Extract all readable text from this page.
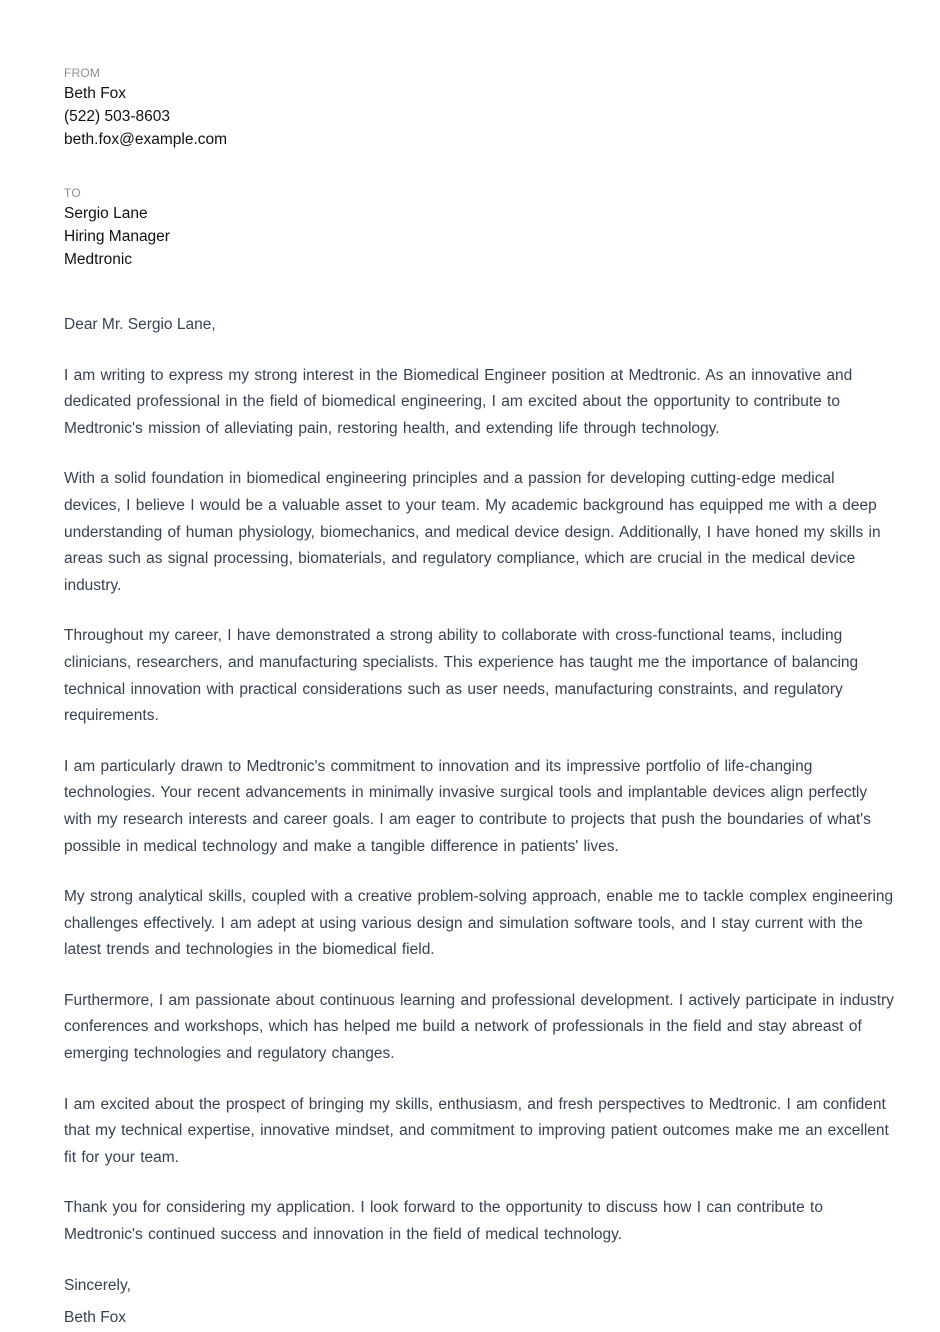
FROM
Beth Fox
(522) 503-8603
beth.fox@example.com
TO
Sergio Lane
Hiring Manager
Medtronic
Dear Mr. Sergio Lane,

I am writing to express my strong interest in the Biomedical Engineer position at Medtronic. As an innovative and dedicated professional in the field of biomedical engineering, I am excited about the opportunity to contribute to Medtronic's mission of alleviating pain, restoring health, and extending life through technology.

With a solid foundation in biomedical engineering principles and a passion for developing cutting-edge medical devices, I believe I would be a valuable asset to your team. My academic background has equipped me with a deep understanding of human physiology, biomechanics, and medical device design. Additionally, I have honed my skills in areas such as signal processing, biomaterials, and regulatory compliance, which are crucial in the medical device industry.

Throughout my career, I have demonstrated a strong ability to collaborate with cross-functional teams, including clinicians, researchers, and manufacturing specialists. This experience has taught me the importance of balancing technical innovation with practical considerations such as user needs, manufacturing constraints, and regulatory requirements.

I am particularly drawn to Medtronic's commitment to innovation and its impressive portfolio of life-changing technologies. Your recent advancements in minimally invasive surgical tools and implantable devices align perfectly with my research interests and career goals. I am eager to contribute to projects that push the boundaries of what's possible in medical technology and make a tangible difference in patients' lives.

My strong analytical skills, coupled with a creative problem-solving approach, enable me to tackle complex engineering challenges effectively. I am adept at using various design and simulation software tools, and I stay current with the latest trends and technologies in the biomedical field.

Furthermore, I am passionate about continuous learning and professional development. I actively participate in industry conferences and workshops, which has helped me build a network of professionals in the field and stay abreast of emerging technologies and regulatory changes.

I am excited about the prospect of bringing my skills, enthusiasm, and fresh perspectives to Medtronic. I am confident that my technical expertise, innovative mindset, and commitment to improving patient outcomes make me an excellent fit for your team.

Thank you for considering my application. I look forward to the opportunity to discuss how I can contribute to Medtronic's continued success and innovation in the field of medical technology.

Sincerely,
Beth Fox
